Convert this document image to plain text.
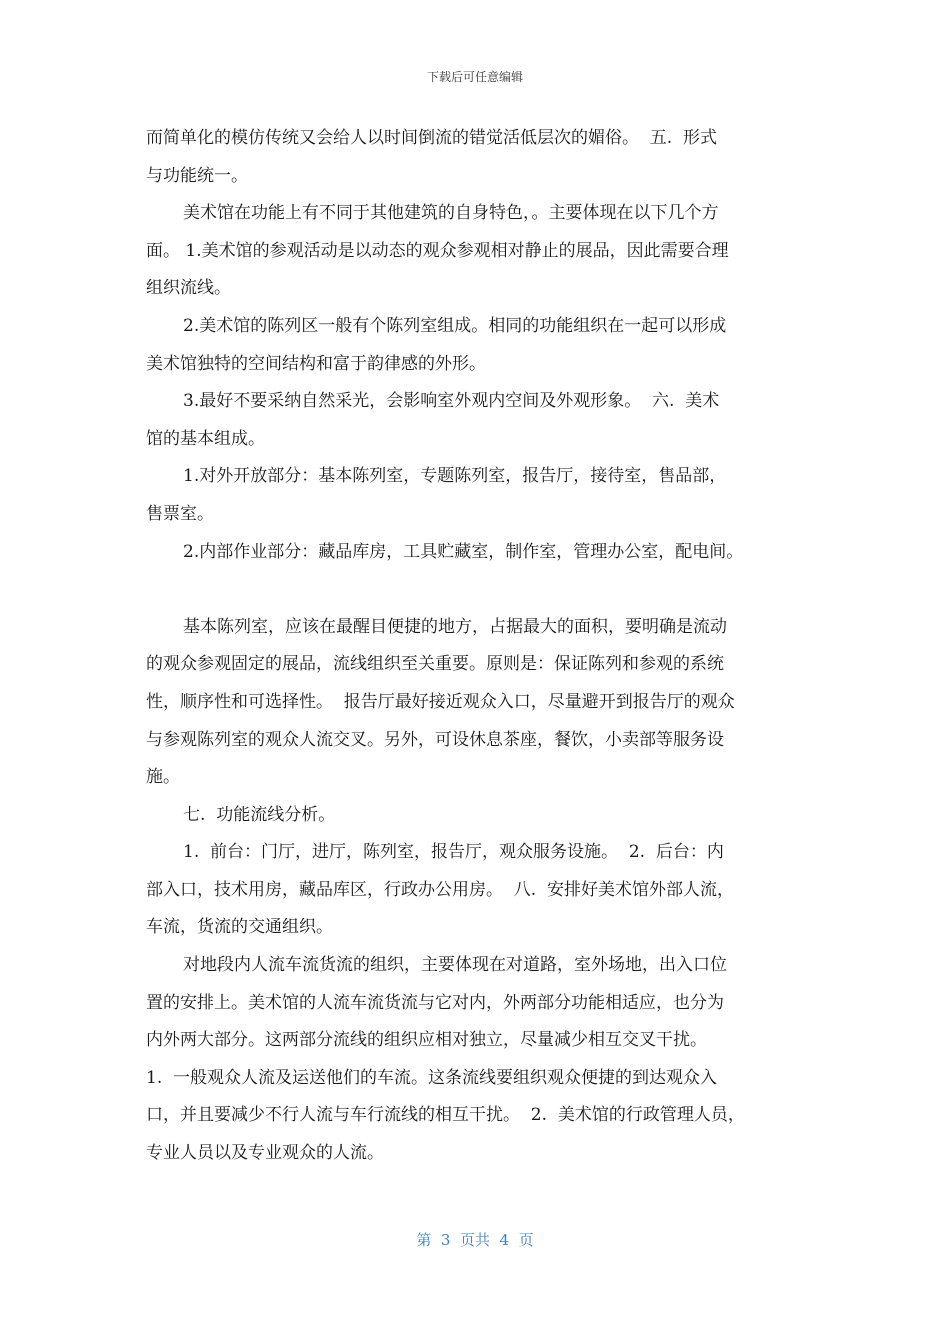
下载后可任意编辑

而简单化的模仿传统又会给人以时间倒流的错觉活低层次的媚俗。  五.  形式

与功能统一。

美术馆在功能上有不同于其他建筑的自身特色，。主要体现在以下几个方

面。 1.美术馆的参观活动是以动态的观众参观相对静止的展品，因此需要合理

组织流线。

2.美术馆的陈列区一般有个陈列室组成。相同的功能组织在一起可以形成

美术馆独特的空间结构和富于韵律感的外形。

3.最好不要采纳自然采光，会影响室外观内空间及外观形象。  六.  美术

馆的基本组成。

1.对外开放部分：基本陈列室，专题陈列室，报告厅，接待室，售品部，

售票室。

2.内部作业部分：藏品库房，工具贮藏室，制作室，管理办公室，配电间。

基本陈列室，应该在最醒目便捷的地方，占据最大的面积，要明确是流动

的观众参观固定的展品，流线组织至关重要。原则是：保证陈列和参观的系统

性，顺序性和可选择性。  报告厅最好接近观众入口，尽量避开到报告厅的观众

与参观陈列室的观众人流交叉。另外，可设休息茶座，餐饮，小卖部等服务设

施。

七.  功能流线分析。

1.  前台：门厅，进厅，陈列室，报告厅，观众服务设施。  2.  后台：内

部入口，技术用房，藏品库区，行政办公用房。  八.  安排好美术馆外部人流，

车流，货流的交通组织。

对地段内人流车流货流的组织，主要体现在对道路，室外场地，出入口位

置的安排上。美术馆的人流车流货流与它对内，外两部分功能相适应，也分为

内外两大部分。这两部分流线的组织应相对独立，尽量减少相互交叉干扰。

1.  一般观众人流及运送他们的车流。这条流线要组织观众便捷的到达观众入

口，并且要减少不行人流与车行流线的相互干扰。  2.  美术馆的行政管理人员，

专业人员以及专业观众的人流。

第  3  页共  4  页
